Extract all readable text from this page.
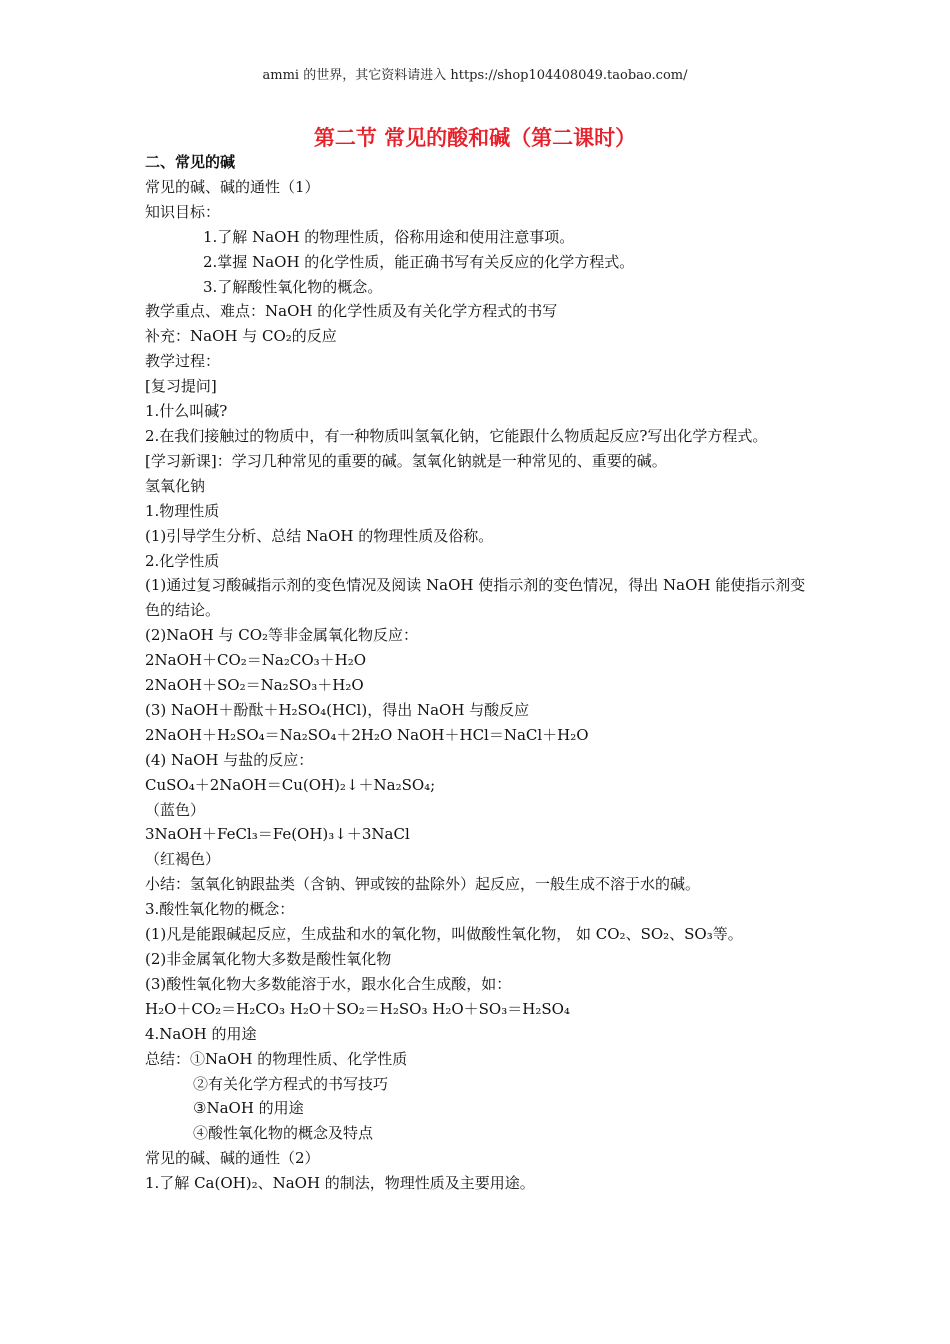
ammi 的世界，其它资料请进入 https://shop104408049.taobao.com/
第二节 常见的酸和碱（第二课时）
二、常见的碱
常见的碱、碱的通性（1）
知识目标：
1.了解 NaOH 的物理性质，俗称用途和使用注意事项。
2.掌握 NaOH 的化学性质，能正确书写有关反应的化学方程式。
3.了解酸性氧化物的概念。
教学重点、难点：NaOH 的化学性质及有关化学方程式的书写
补充：NaOH 与 CO₂的反应
教学过程：
[复习提问]
1.什么叫碱?
2.在我们接触过的物质中，有一种物质叫氢氧化钠，它能跟什么物质起反应?写出化学方程式。
[学习新课]：学习几种常见的重要的碱。氢氧化钠就是一种常见的、重要的碱。
氢氧化钠
1.物理性质
(1)引导学生分析、总结 NaOH 的物理性质及俗称。
2.化学性质
(1)通过复习酸碱指示剂的变色情况及阅读 NaOH 使指示剂的变色情况，得出 NaOH 能使指示剂变色的结论。
(2)NaOH 与 CO₂等非金属氧化物反应：
2NaOH＋CO₂＝Na₂CO₃＋H₂O
2NaOH＋SO₂＝Na₂SO₃＋H₂O
(3) NaOH＋酚酞＋H₂SO₄(HCl)，得出 NaOH 与酸反应
2NaOH＋H₂SO₄＝Na₂SO₄＋2H₂O NaOH＋HCl＝NaCl＋H₂O
(4) NaOH 与盐的反应：
CuSO₄＋2NaOH＝Cu(OH)₂↓＋Na₂SO₄;
（蓝色）
3NaOH＋FeCl₃＝Fe(OH)₃↓＋3NaCl
（红褐色）
小结：氢氧化钠跟盐类（含钠、钾或铵的盐除外）起反应，一般生成不溶于水的碱。
3.酸性氧化物的概念：
(1)凡是能跟碱起反应，生成盐和水的氧化物，叫做酸性氧化物， 如 CO₂、SO₂、SO₃等。
(2)非金属氧化物大多数是酸性氧化物
(3)酸性氧化物大多数能溶于水，跟水化合生成酸，如：
H₂O＋CO₂＝H₂CO₃ H₂O＋SO₂＝H₂SO₃ H₂O＋SO₃＝H₂SO₄
4.NaOH 的用途
总结：①NaOH 的物理性质、化学性质
②有关化学方程式的书写技巧
③NaOH 的用途
④酸性氧化物的概念及特点
常见的碱、碱的通性（2）
1.了解 Ca(OH)₂、NaOH 的制法，物理性质及主要用途。
